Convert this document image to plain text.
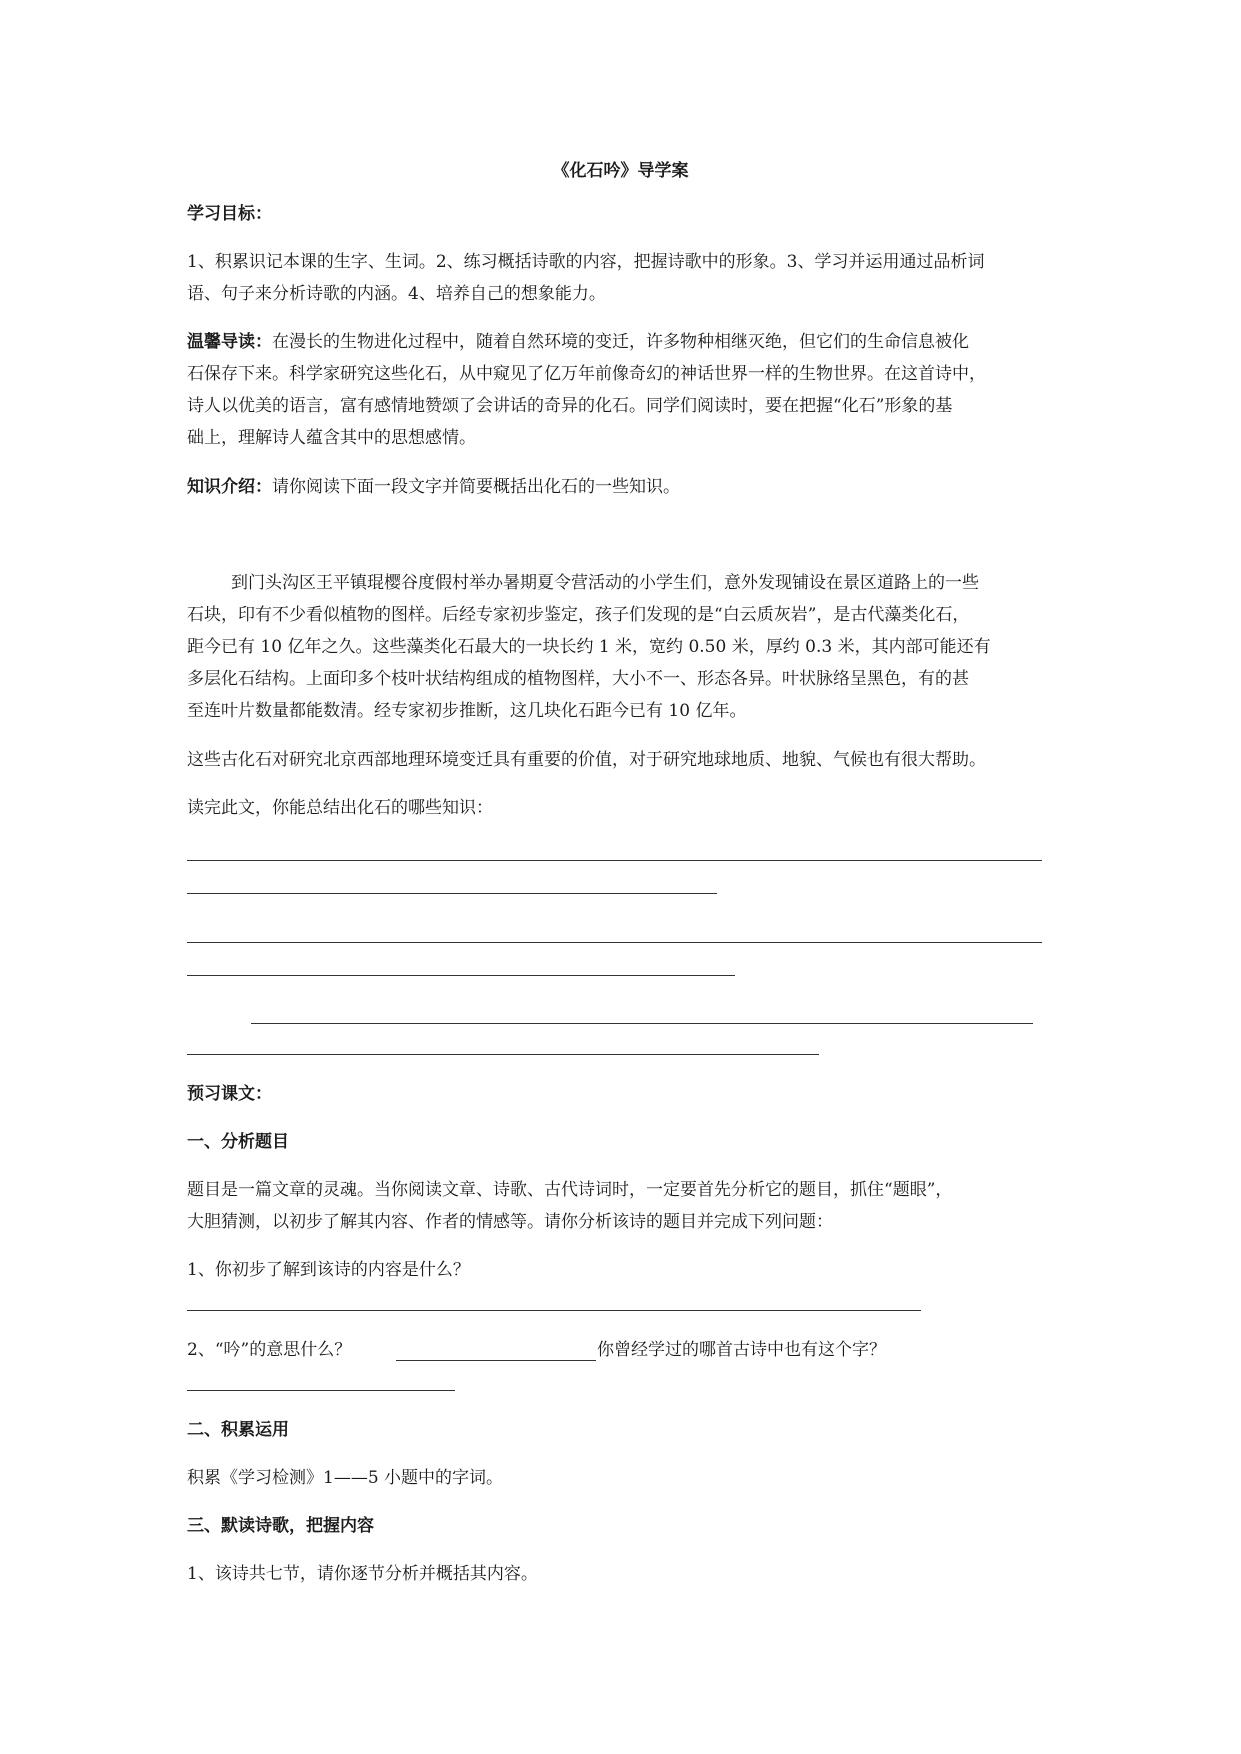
《化石吟》导学案
学习目标：
1、积累识记本课的生字、生词。2、练习概括诗歌的内容，把握诗歌中的形象。3、学习并运用通过品析词
语、句子来分析诗歌的内涵。4、培养自己的想象能力。
温馨导读：在漫长的生物进化过程中，随着自然环境的变迁，许多物种相继灭绝，但它们的生命信息被化
石保存下来。科学家研究这些化石，从中窥见了亿万年前像奇幻的神话世界一样的生物世界。在这首诗中，
诗人以优美的语言，富有感情地赞颂了会讲话的奇异的化石。同学们阅读时，要在把握“化石”形象的基
础上，理解诗人蕴含其中的思想感情。
知识介绍：请你阅读下面一段文字并简要概括出化石的一些知识。
到门头沟区王平镇琨樱谷度假村举办暑期夏令营活动的小学生们，意外发现铺设在景区道路上的一些
石块，印有不少看似植物的图样。后经专家初步鉴定，孩子们发现的是“白云质灰岩”，是古代藻类化石，
距今已有 10 亿年之久。这些藻类化石最大的一块长约 1 米，宽约 0.50 米，厚约 0.3 米，其内部可能还有
多层化石结构。上面印多个枝叶状结构组成的植物图样，大小不一、形态各异。叶状脉络呈黑色，有的甚
至连叶片数量都能数清。经专家初步推断，这几块化石距今已有 10 亿年。
这些古化石对研究北京西部地理环境变迁具有重要的价值，对于研究地球地质、地貌、气候也有很大帮助。
读完此文，你能总结出化石的哪些知识：
预习课文：
一、分析题目
题目是一篇文章的灵魂。当你阅读文章、诗歌、古代诗词时，一定要首先分析它的题目，抓住“题眼”，
大胆猜测，以初步了解其内容、作者的情感等。请你分析该诗的题目并完成下列问题：
1、你初步了解到该诗的内容是什么？
2、“吟”的意思什么？	你曾经学过的哪首古诗中也有这个字？
二、积累运用
积累《学习检测》1——5 小题中的字词。
三、默读诗歌，把握内容
1、该诗共七节，请你逐节分析并概括其内容。
